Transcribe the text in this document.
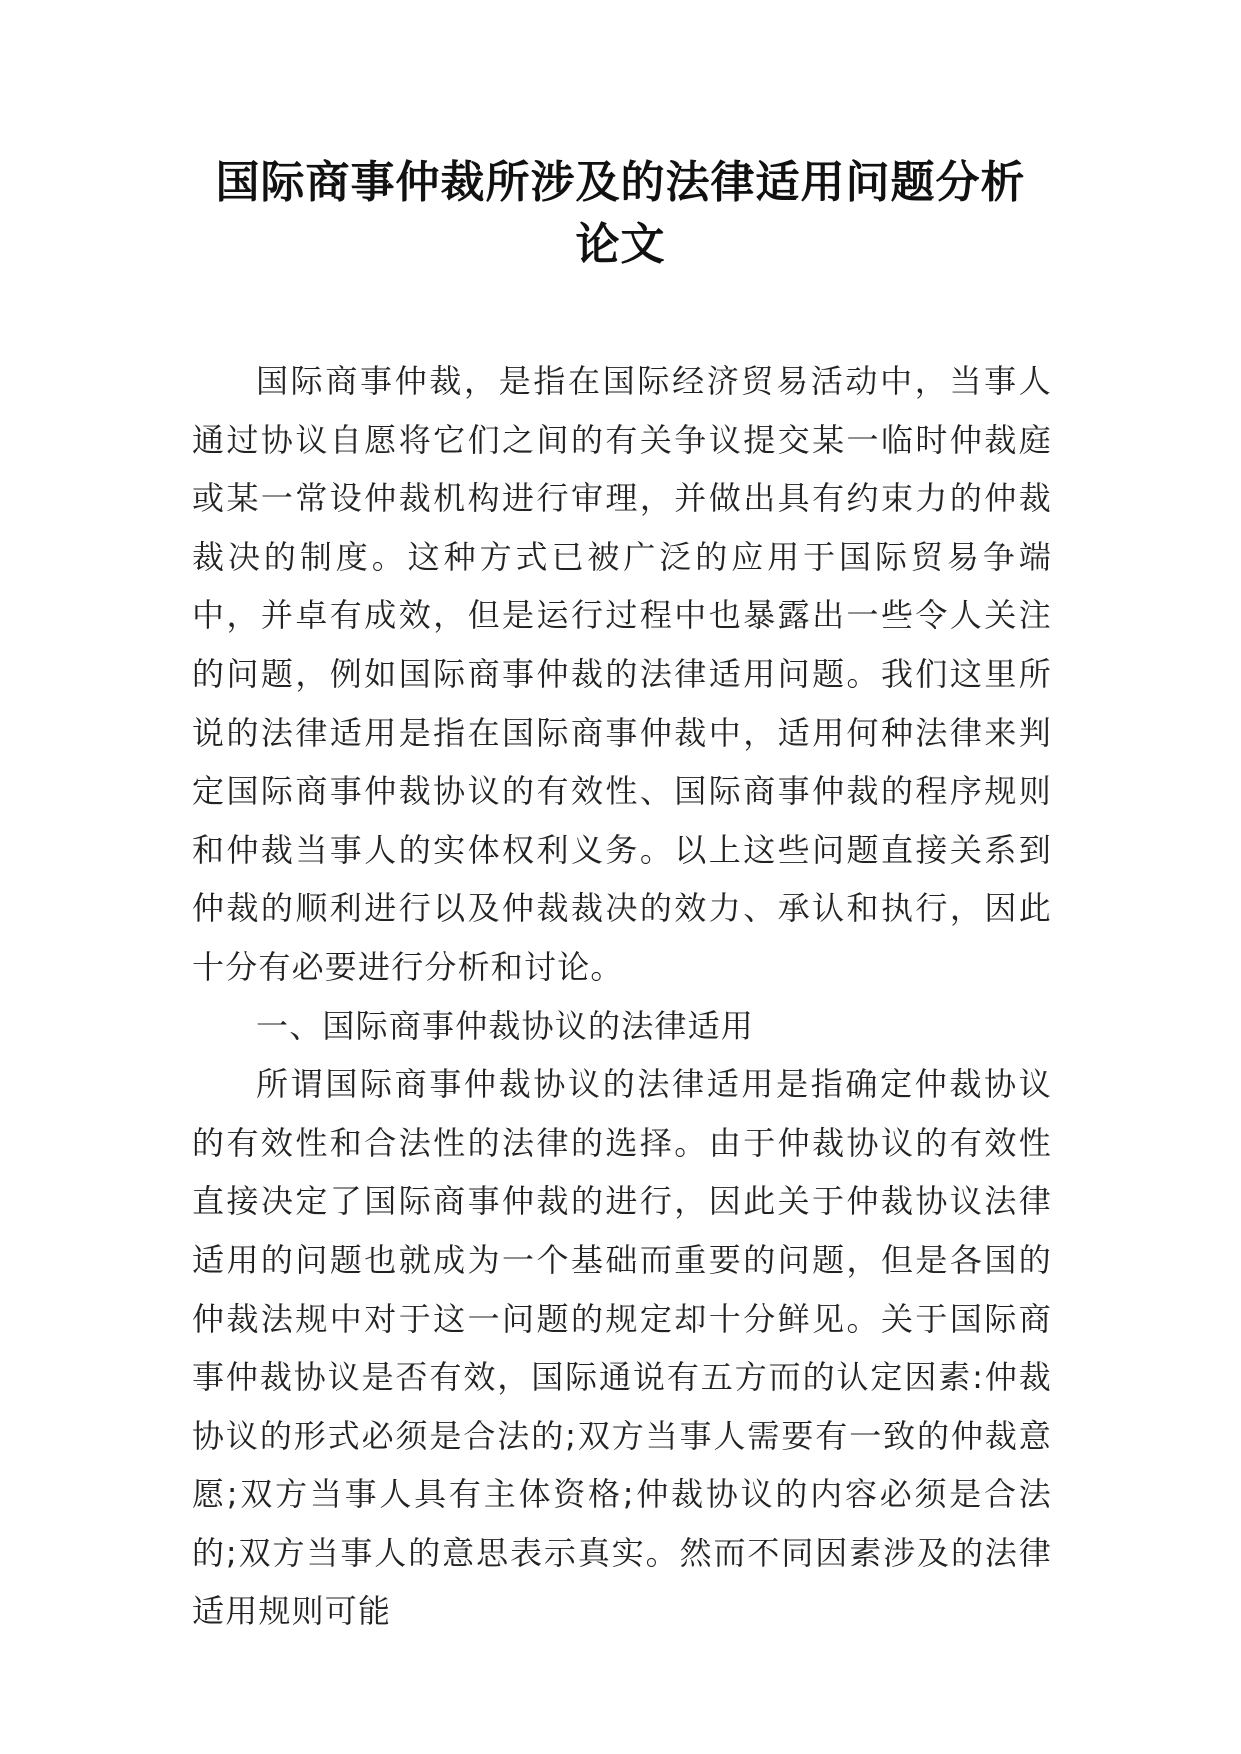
国际商事仲裁所涉及的法律适用问题分析
论文

国际商事仲裁，是指在国际经济贸易活动中，当事人通过协议自愿将它们之间的有关争议提交某一临时仲裁庭或某一常设仲裁机构进行审理，并做出具有约束力的仲裁裁决的制度。这种方式已被广泛的应用于国际贸易争端中，并卓有成效，但是运行过程中也暴露出一些令人关注的问题，例如国际商事仲裁的法律适用问题。我们这里所说的法律适用是指在国际商事仲裁中，适用何种法律来判定国际商事仲裁协议的有效性、国际商事仲裁的程序规则和仲裁当事人的实体权利义务。以上这些问题直接关系到仲裁的顺利进行以及仲裁裁决的效力、承认和执行，因此十分有必要进行分析和讨论。

一、国际商事仲裁协议的法律适用

所谓国际商事仲裁协议的法律适用是指确定仲裁协议的有效性和合法性的法律的选择。由于仲裁协议的有效性直接决定了国际商事仲裁的进行，因此关于仲裁协议法律适用的问题也就成为一个基础而重要的问题，但是各国的仲裁法规中对于这一问题的规定却十分鲜见。关于国际商事仲裁协议是否有效，国际通说有五方而的认定因素:仲裁协议的形式必须是合法的;双方当事人需要有一致的仲裁意愿;双方当事人具有主体资格;仲裁协议的内容必须是合法的;双方当事人的意思表示真实。然而不同因素涉及的法律适用规则可能
